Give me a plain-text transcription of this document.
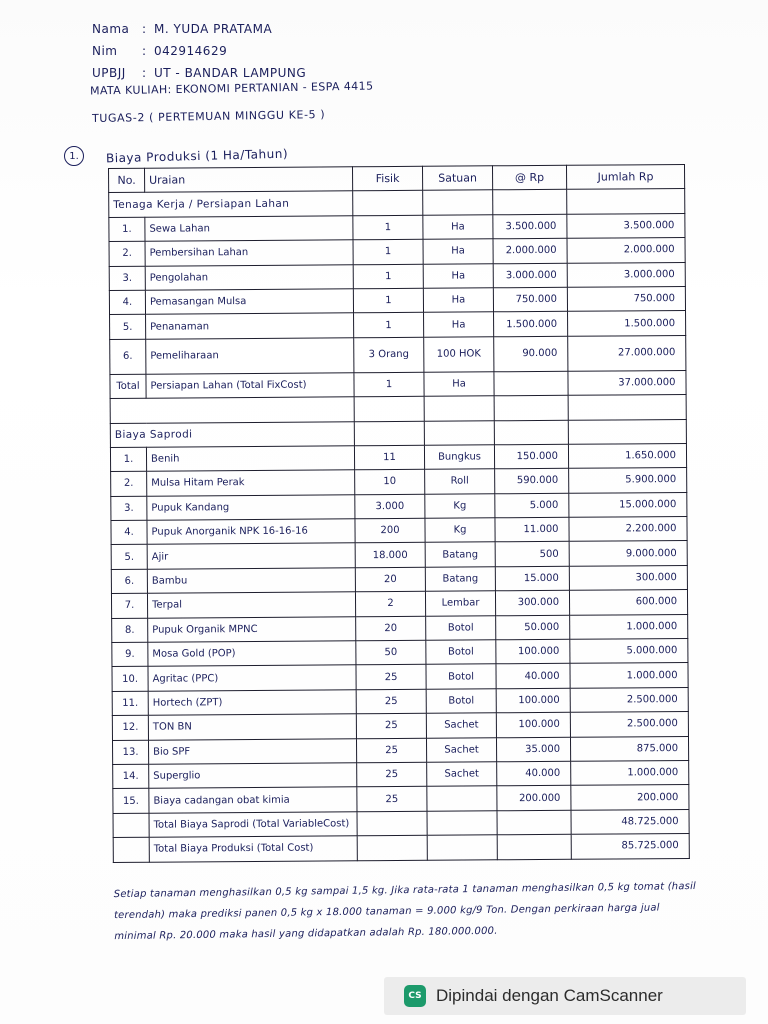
Nama	: M. YUDA PRATAMA
Nim	: 042914629
UPBJJ	: UT - BANDAR LAMPUNG
MATA KULIAH: EKONOMI PERTANIAN - ESPA 4415
TUGAS-2 ( PERTEMUAN MINGGU KE-5 )
1.	Biaya Produksi (1 Ha/Tahun)
No.	Uraian	Fisik	Satuan	@ Rp	Jumlah Rp
Tenaga Kerja / Persiapan Lahan					
1.	Sewa Lahan	1	Ha	3.500.000	3.500.000
2.	Pembersihan Lahan	1	Ha	2.000.000	2.000.000
3.	Pengolahan	1	Ha	3.000.000	3.000.000
4.	Pemasangan Mulsa	1	Ha	750.000	750.000
5.	Penanaman	1	Ha	1.500.000	1.500.000
6.	Pemeliharaan	3 Orang	100 HOK	90.000	27.000.000
Total	Persiapan Lahan (Total FixCost)	1	Ha		37.000.000

Biaya Saprodi					
1.	Benih	11	Bungkus	150.000	1.650.000
2.	Mulsa Hitam Perak	10	Roll	590.000	5.900.000
3.	Pupuk Kandang	3.000	Kg	5.000	15.000.000
4.	Pupuk Anorganik NPK 16-16-16	200	Kg	11.000	2.200.000
5.	Ajir	18.000	Batang	500	9.000.000
6.	Bambu	20	Batang	15.000	300.000
7.	Terpal	2	Lembar	300.000	600.000
8.	Pupuk Organik MPNC	20	Botol	50.000	1.000.000
9.	Mosa Gold (POP)	50	Botol	100.000	5.000.000
10.	Agritac (PPC)	25	Botol	40.000	1.000.000
11.	Hortech (ZPT)	25	Botol	100.000	2.500.000
12.	TON BN	25	Sachet	100.000	2.500.000
13.	Bio SPF	25	Sachet	35.000	875.000
14.	Superglio	25	Sachet	40.000	1.000.000
15.	Biaya cadangan obat kimia	25		200.000	200.000
	Total Biaya Saprodi (Total VariableCost)				48.725.000
	Total Biaya Produksi (Total Cost)				85.725.000
Setiap tanaman menghasilkan 0,5 kg sampai 1,5 kg. Jika rata-rata 1 tanaman menghasilkan 0,5 kg tomat (hasil terendah) maka prediksi panen 0,5 kg x 18.000 tanaman = 9.000 kg/9 Ton. Dengan perkiraan harga jual minimal Rp. 20.000 maka hasil yang didapatkan adalah Rp. 180.000.000.
CS Dipindai dengan CamScanner
